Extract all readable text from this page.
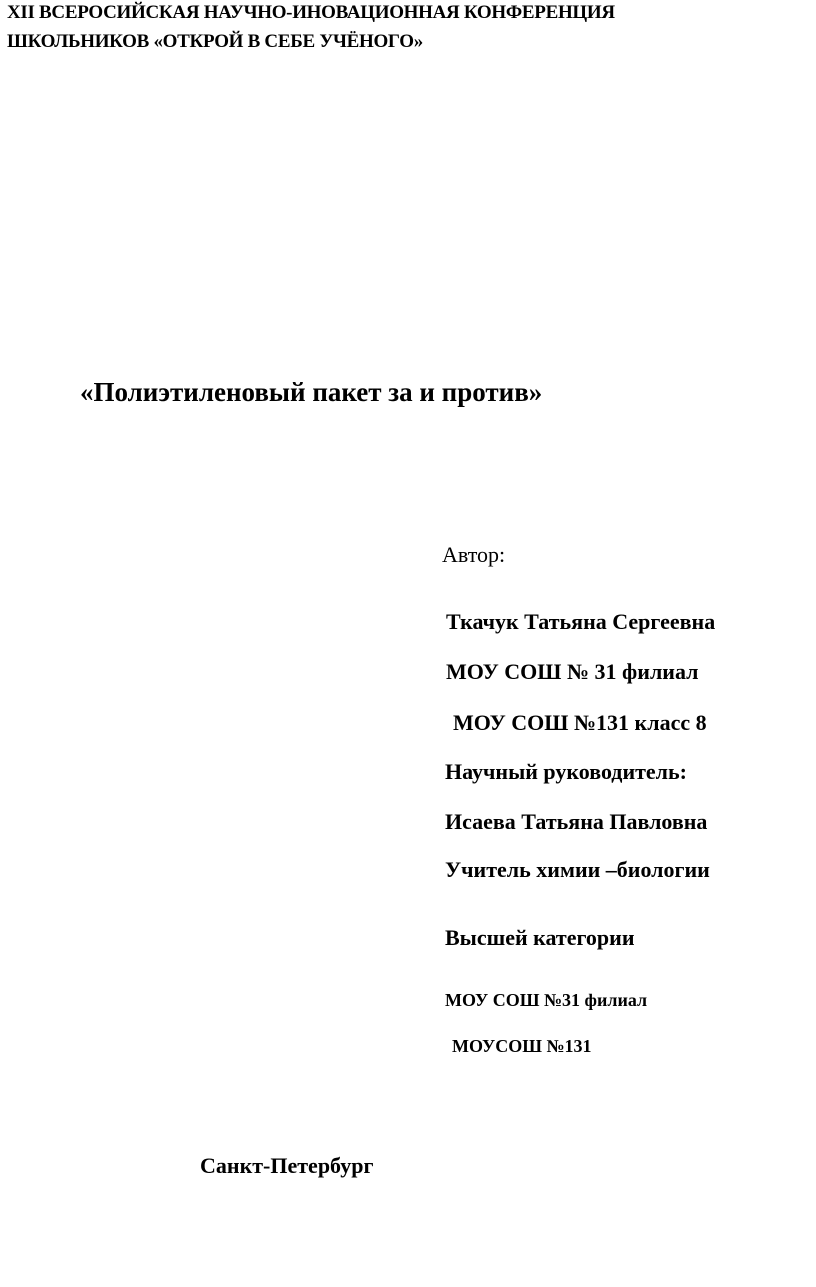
XII ВСЕРОСИЙСКАЯ НАУЧНО-ИНОВАЦИОННАЯ КОНФЕРЕНЦИЯ

ШКОЛЬНИКОВ «ОТКРОЙ В СЕБЕ УЧЁНОГО»

«Полиэтиленовый пакет за и против»

Автор:

Ткачук Татьяна Сергеевна

МОУ СОШ № 31 филиал

МОУ СОШ №131 класс 8

Научный руководитель:

Исаева Татьяна Павловна

Учитель химии –биологии

Высшей категории

МОУ СОШ №31 филиал

МОУСОШ №131

Санкт-Петербург
